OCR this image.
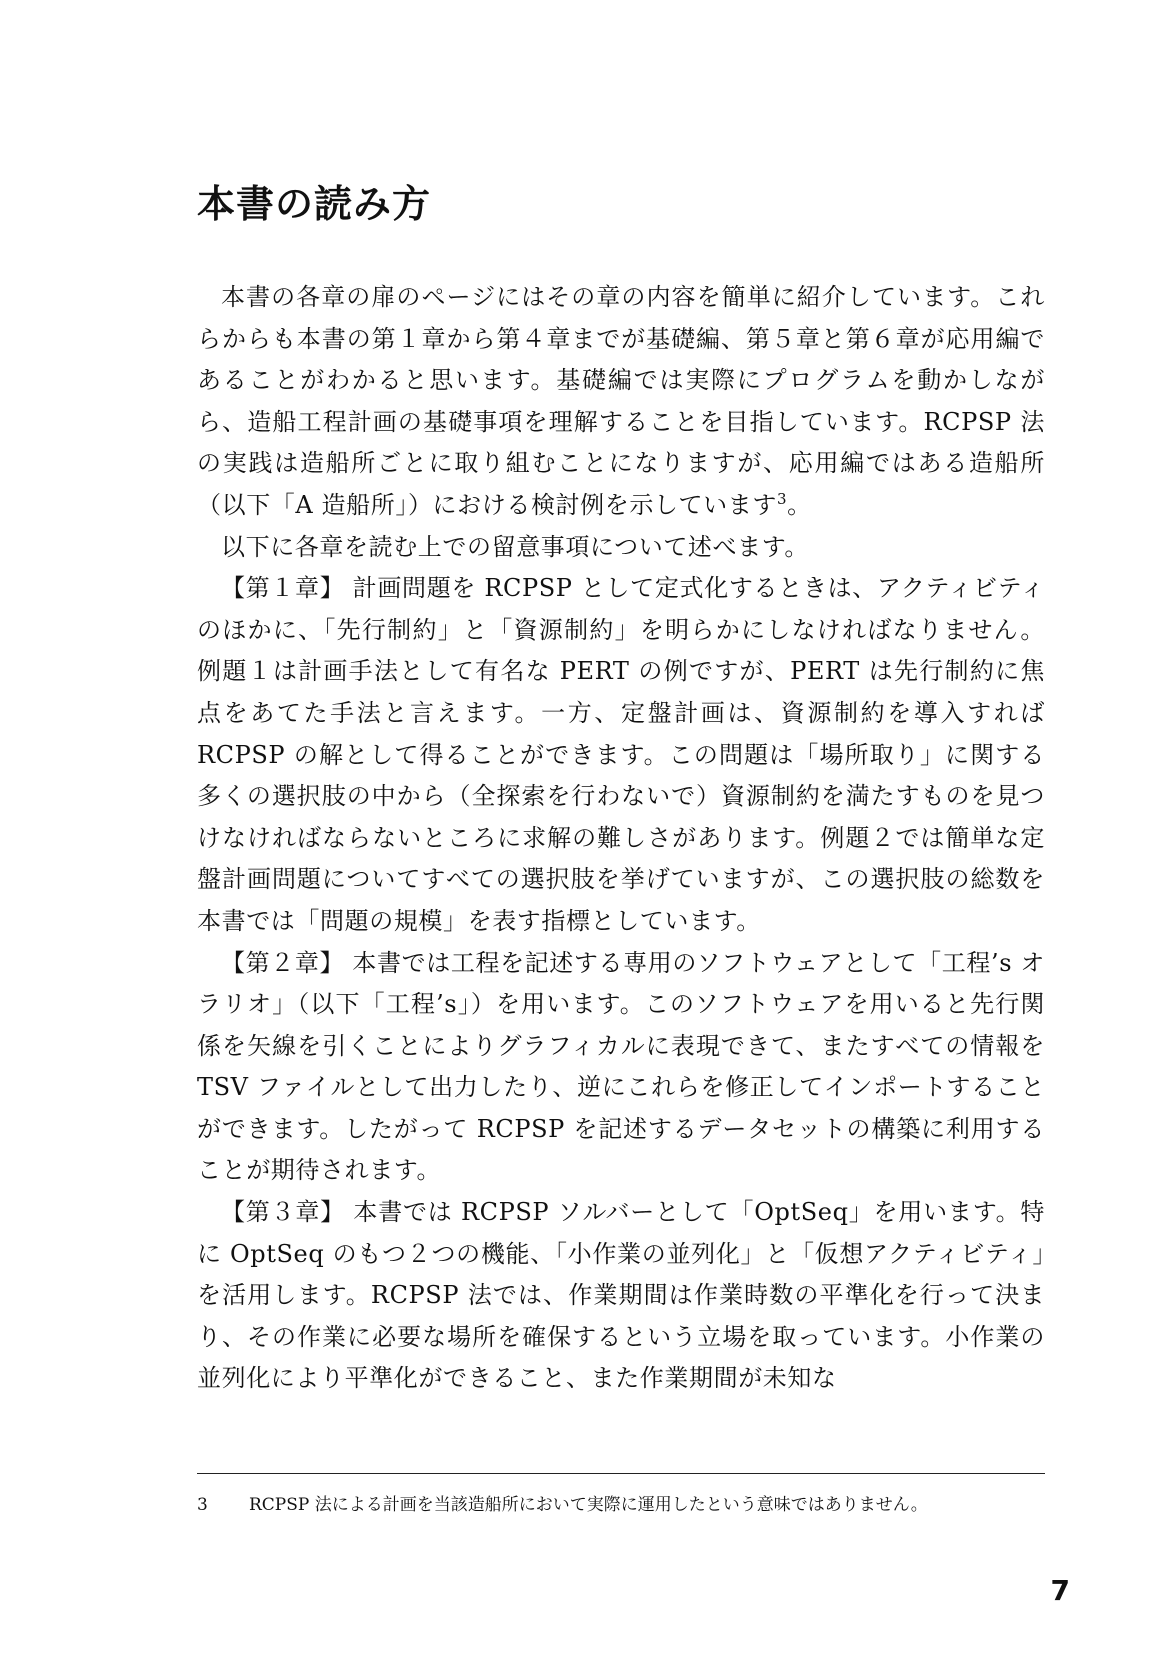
本書の読み方

本書の各章の扉のページにはその章の内容を簡単に紹介しています。これらからも本書の第１章から第４章までが基礎編、第５章と第６章が応用編であることがわかると思います。基礎編では実際にプログラムを動かしながら、造船工程計画の基礎事項を理解することを目指しています。RCPSP 法の実践は造船所ごとに取り組むことになりますが、応用編ではある造船所（以下「A 造船所」）における検討例を示しています$^3$。

以下に各章を読む上での留意事項について述べます。

【第１章】 計画問題を RCPSP として定式化するときは、アクティビティのほかに、「先行制約」と「資源制約」を明らかにしなければなりません。例題１は計画手法として有名な PERT の例ですが、PERT は先行制約に焦点をあてた手法と言えます。一方、定盤計画は、資源制約を導入すれば RCPSP の解として得ることができます。この問題は「場所取り」に関する多くの選択肢の中から（全探索を行わないで）資源制約を満たすものを見つけなければならないところに求解の難しさがあります。例題２では簡単な定盤計画問題についてすべての選択肢を挙げていますが、この選択肢の総数を本書では「問題の規模」を表す指標としています。

【第２章】 本書では工程を記述する専用のソフトウェアとして「工程’s オラリオ」（以下「工程’s」）を用います。このソフトウェアを用いると先行関係を矢線を引くことによりグラフィカルに表現できて、またすべての情報を TSV ファイルとして出力したり、逆にこれらを修正してインポートすることができます。したがって RCPSP を記述するデータセットの構築に利用することが期待されます。

【第３章】 本書では RCPSP ソルバーとして「OptSeq」を用います。特に OptSeq のもつ２つの機能、「小作業の並列化」と「仮想アクティビティ」を活用します。RCPSP 法では、作業期間は作業時数の平準化を行って決まり、その作業に必要な場所を確保するという立場を取っています。小作業の並列化により平準化ができること、また作業期間が未知な

3 RCPSP 法による計画を当該造船所において実際に運用したという意味ではありません。
7
